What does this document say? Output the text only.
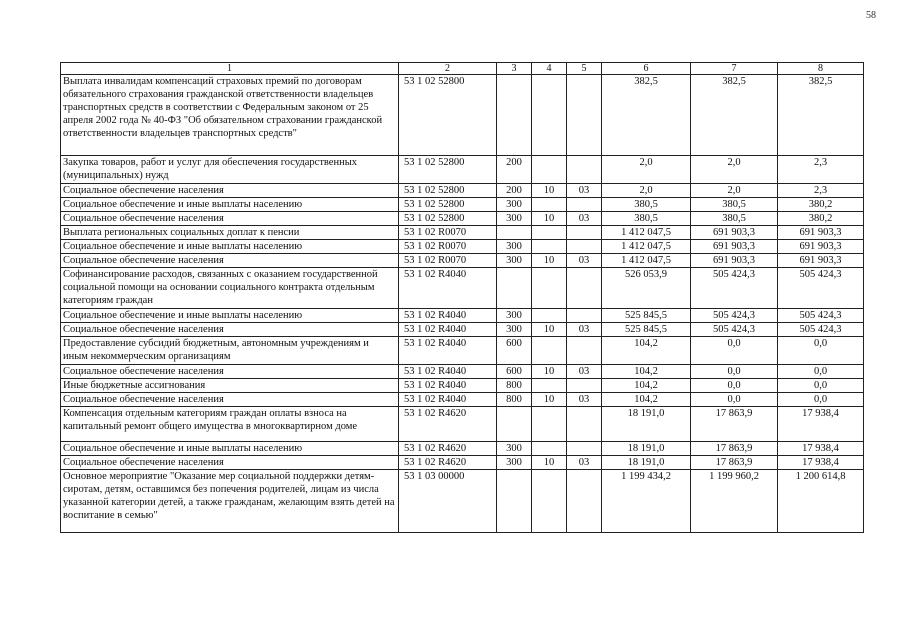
58
1	2	3	4	5	6	7	8
Выплата инвалидам компенсаций страховых премий по договорам обязательного страхования гражданской ответственности владельцев транспортных средств в соответствии с Федеральным законом от 25 апреля 2002 года № 40-ФЗ "Об обязательном страховании гражданской ответственности владельцев транспортных средств"	53 1 02 52800				382,5	382,5	382,5
Закупка товаров, работ и услуг для обеспечения государственных (муниципальных) нужд	53 1 02 52800	200			2,0	2,0	2,3
Социальное обеспечение населения	53 1 02 52800	200	10	03	2,0	2,0	2,3
Социальное обеспечение и иные выплаты населению	53 1 02 52800	300			380,5	380,5	380,2
Социальное обеспечение населения	53 1 02 52800	300	10	03	380,5	380,5	380,2
Выплата региональных социальных доплат к пенсии	53 1 02 R0070				1 412 047,5	691 903,3	691 903,3
Социальное обеспечение и иные выплаты населению	53 1 02 R0070	300			1 412 047,5	691 903,3	691 903,3
Социальное обеспечение населения	53 1 02 R0070	300	10	03	1 412 047,5	691 903,3	691 903,3
Софинансирование расходов, связанных с оказанием государственной социальной помощи на основании социального контракта отдельным категориям граждан	53 1 02 R4040				526 053,9	505 424,3	505 424,3
Социальное обеспечение и иные выплаты населению	53 1 02 R4040	300			525 845,5	505 424,3	505 424,3
Социальное обеспечение населения	53 1 02 R4040	300	10	03	525 845,5	505 424,3	505 424,3
Предоставление субсидий бюджетным, автономным учреждениям и иным некоммерческим организациям	53 1 02 R4040	600			104,2	0,0	0,0
Социальное обеспечение населения	53 1 02 R4040	600	10	03	104,2	0,0	0,0
Иные бюджетные ассигнования	53 1 02 R4040	800			104,2	0,0	0,0
Социальное обеспечение населения	53 1 02 R4040	800	10	03	104,2	0,0	0,0
Компенсация отдельным категориям граждан оплаты взноса на капитальный ремонт общего имущества в многоквартирном доме	53 1 02 R4620				18 191,0	17 863,9	17 938,4
Социальное обеспечение и иные выплаты населению	53 1 02 R4620	300			18 191,0	17 863,9	17 938,4
Социальное обеспечение населения	53 1 02 R4620	300	10	03	18 191,0	17 863,9	17 938,4
Основное мероприятие "Оказание мер социальной поддержки детям-сиротам, детям, оставшимся без попечения родителей, лицам из числа указанной категории детей, а также гражданам, желающим взять детей на воспитание в семью"	53 1 03 00000				1 199 434,2	1 199 960,2	1 200 614,8
